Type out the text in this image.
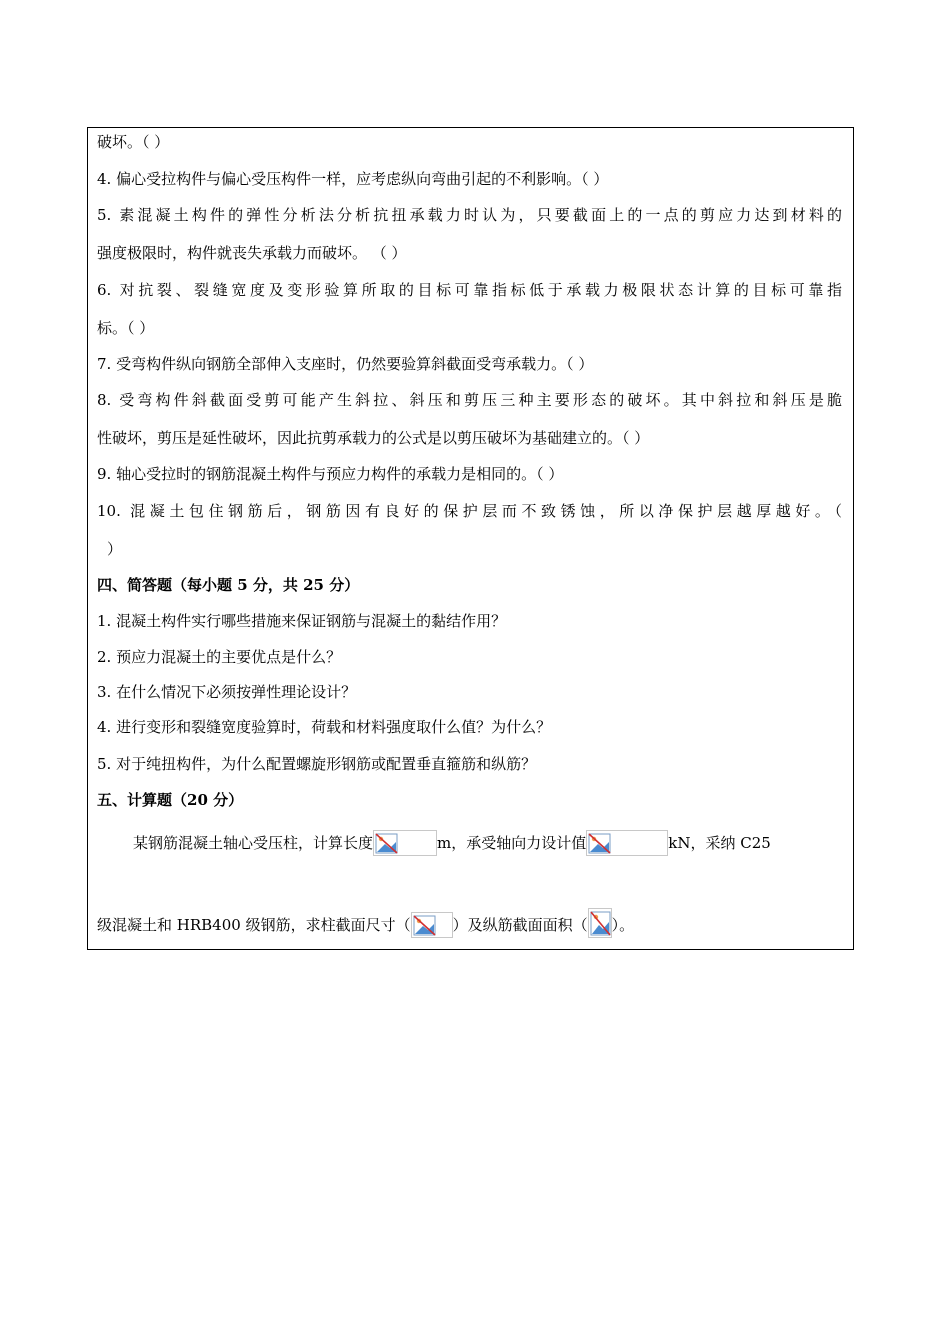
破坏。（ ）
4. 偏心受拉构件与偏心受压构件一样，应考虑纵向弯曲引起的不利影响。（ ）
5. 素混凝土构件的弹性分析法分析抗扭承载力时认为，只要截面上的一点的剪应力达到材料的
强度极限时，构件就丧失承载力而破坏。 （ ）
6. 对抗裂、裂缝宽度及变形验算所取的目标可靠指标低于承载力极限状态计算的目标可靠指
标。（ ）
7. 受弯构件纵向钢筋全部伸入支座时，仍然要验算斜截面受弯承载力。（ ）
8. 受弯构件斜截面受剪可能产生斜拉、斜压和剪压三种主要形态的破坏。其中斜拉和斜压是脆
性破坏，剪压是延性破坏，因此抗剪承载力的公式是以剪压破坏为基础建立的。（ ）
9. 轴心受拉时的钢筋混凝土构件与预应力构件的承载力是相同的。（ ）
10. 混凝土包住钢筋后，钢筋因有良好的保护层而不致锈蚀，所以净保护层越厚越好。（
）
四、简答题（每小题 5 分，共 25 分）
1. 混凝土构件实行哪些措施来保证钢筋与混凝土的黏结作用？
2. 预应力混凝土的主要优点是什么？
3. 在什么情况下必须按弹性理论设计？
4. 进行变形和裂缝宽度验算时，荷载和材料强度取什么值？为什么？
5. 对于纯扭构件，为什么配置螺旋形钢筋或配置垂直箍筋和纵筋？
五、计算题（20 分）
某钢筋混凝土轴心受压柱，计算长度	m，承受轴向力设计值	kN，采纳 C25
级混凝土和 HRB400 级钢筋，求柱截面尺寸（	）及纵筋截面面积（ ）。
